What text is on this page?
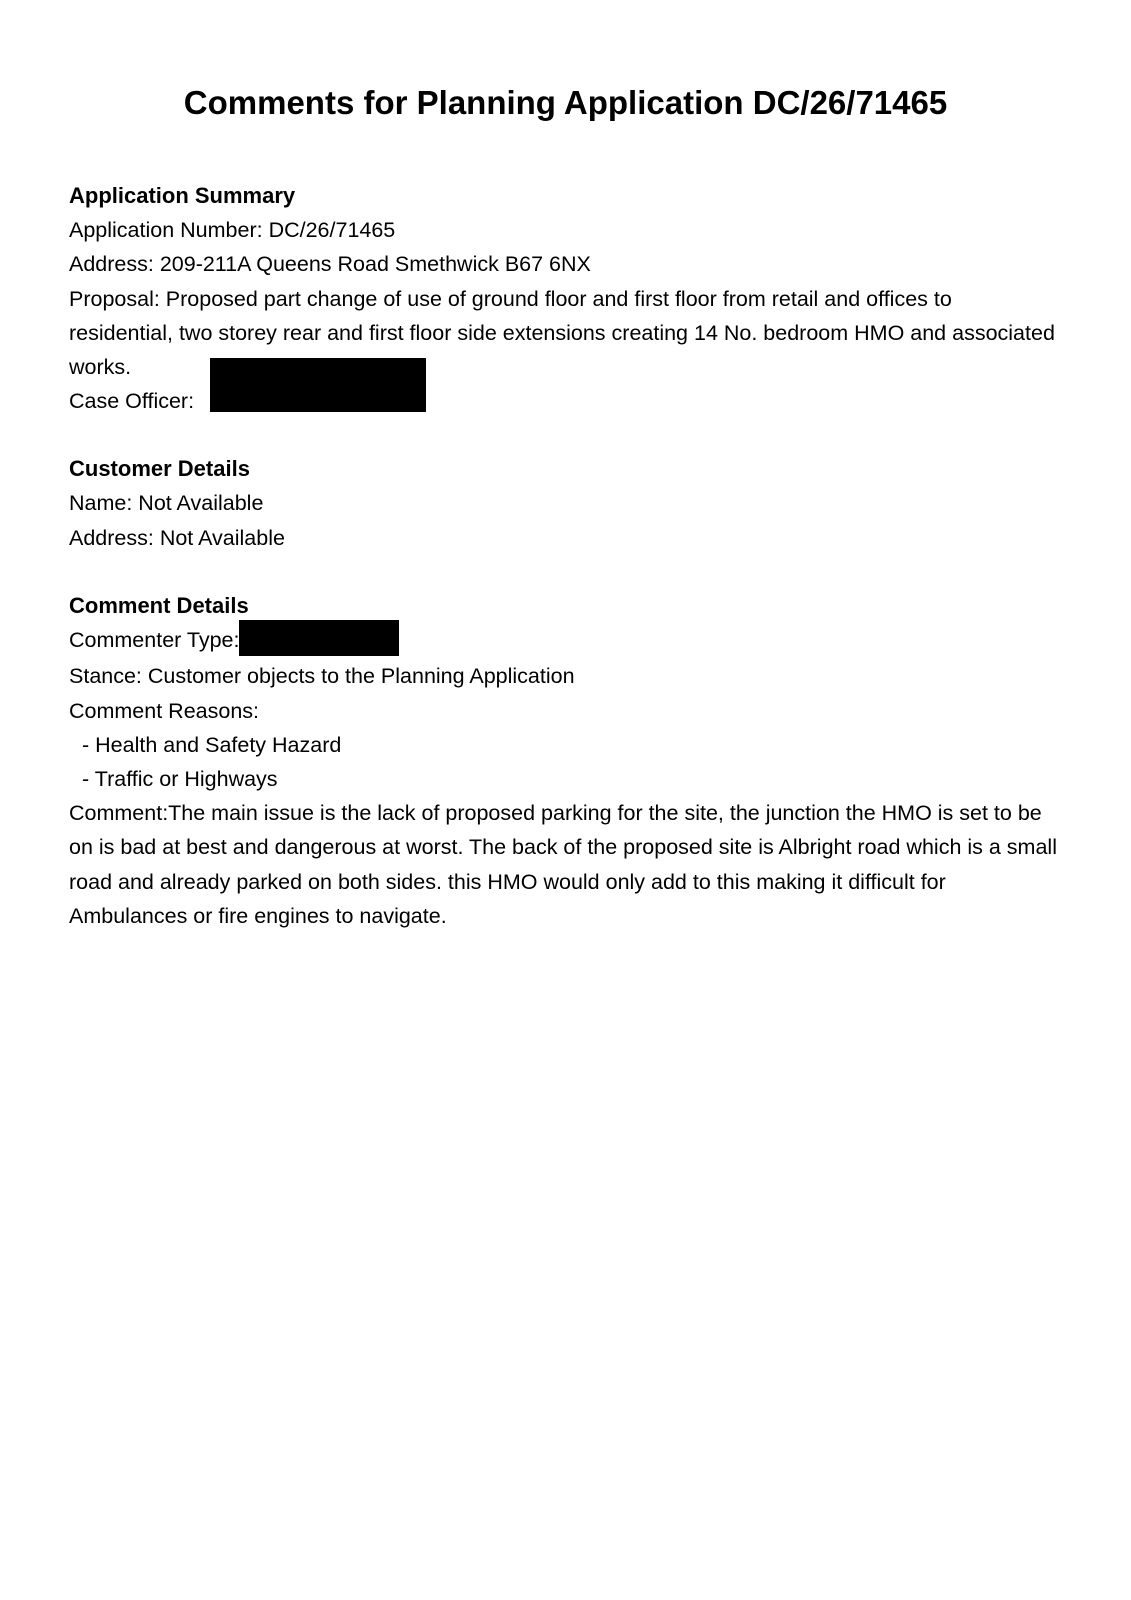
Comments for Planning Application DC/26/71465
Application Summary
Application Number: DC/26/71465
Address: 209-211A Queens Road Smethwick B67 6NX
Proposal: Proposed part change of use of ground floor and first floor from retail and offices to residential, two storey rear and first floor side extensions creating 14 No. bedroom HMO and associated works.
Case Officer:
Customer Details
Name: Not Available
Address: Not Available
Comment Details
Commenter Type:
Stance: Customer objects to the Planning Application
Comment Reasons:
- Health and Safety Hazard
- Traffic or Highways
Comment:The main issue is the lack of proposed parking for the site, the junction the HMO is set to be on is bad at best and dangerous at worst. The back of the proposed site is Albright road which is a small road and already parked on both sides. this HMO would only add to this making it difficult for Ambulances or fire engines to navigate.
